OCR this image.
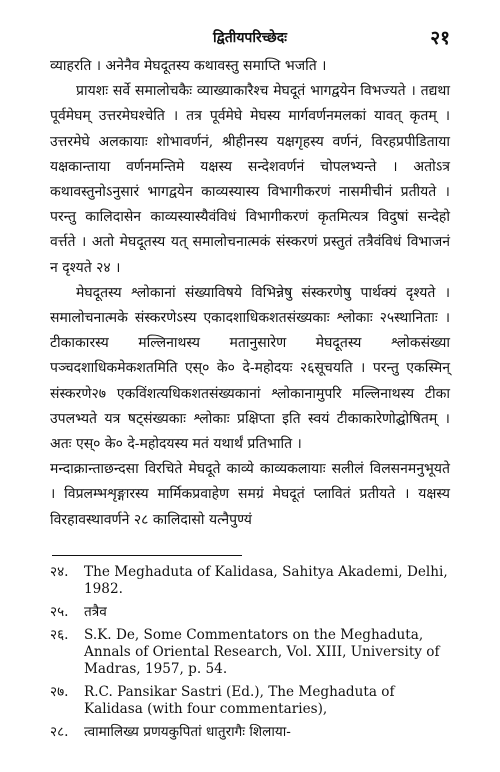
द्वितीयपरिच्छेदः	२१

व्याहरति । अनेनैव मेघदूतस्य कथावस्तु समाप्ति भजति ।

प्रायशः सर्वे समालोचकैः व्याख्याकारैश्च मेघदूतं भागद्वयेन विभज्यते । तद्यथा पूर्वमेघम् उत्तरमेघश्चेति । तत्र पूर्वमेघे मेघस्य मार्गवर्णनमलकां यावत् कृतम् । उत्तरमेघे अलकायाः शोभावर्णनं, श्रीहीनस्य यक्षगृहस्य वर्णनं, विरहप्रपीडिताया यक्षकान्ताया वर्णनमन्तिमे यक्षस्य सन्देशवर्णनं चोपलभ्यन्ते । अतोऽत्र कथावस्तुनोऽनुसारं भागद्वयेन काव्यस्यास्य विभागीकरणं नासमीचीनं प्रतीयते । परन्तु कालिदासेन काव्यस्यास्यैवंविधं विभागीकरणं कृतमित्यत्र विदुषां सन्देहो वर्त्तते । अतो मेघदूतस्य यत् समालोचनात्मकं संस्करणं प्रस्तुतं तत्रैवंविधं विभाजनं न दृश्यते २४ ।

मेघदूतस्य श्लोकानां संख्याविषये विभिन्नेषु संस्करणेषु पार्थक्यं दृश्यते । समालोचनात्मके संस्करणेऽस्य एकादशाधिकशतसंख्यकाः श्लोकाः २५स्थानिताः । टीकाकारस्य मल्लिनाथस्य मतानुसारेण मेघदूतस्य श्लोकसंख्या पञ्चदशाधिकमेकशतमिति एस्० के० दे-महोदयः २६सूचयति । परन्तु एकस्मिन् संस्करणे२७ एकविंशत्यधिकशतसंख्यकानां श्लोकानामुपरि मल्लिनाथस्य टीका उपलभ्यते यत्र षट्संख्यकाः श्लोकाः प्रक्षिप्ता इति स्वयं टीकाकारेणोद्घोषितम् । अतः एस्० के० दे-महोदयस्य मतं यथार्थं प्रतिभाति ।

मन्दाक्रान्ताछन्दसा विरचिते मेघदूते काव्ये काव्यकलायाः सलीलं विलसनमनुभूयते । विप्रलम्भशृङ्गारस्य मार्मिकप्रवाहेण समग्रं मेघदूतं प्लावितं प्रतीयते । यक्षस्य विरहावस्थावर्णने २८ कालिदासो यत्नैपुण्यं

२४.	The Meghaduta of Kalidasa, Sahitya Akademi, Delhi, 1982.
२५.	तत्रैव
२६.	S.K. De, Some Commentators on the Meghaduta, Annals of Oriental Research, Vol. XIII, University of Madras, 1957, p. 54.
२७.	R.C. Pansikar Sastri (Ed.), The Meghaduta of Kalidasa (with four commentaries),
२८.	त्वामालिख्य प्रणयकुपितां धातुरागैः शिलाया-
